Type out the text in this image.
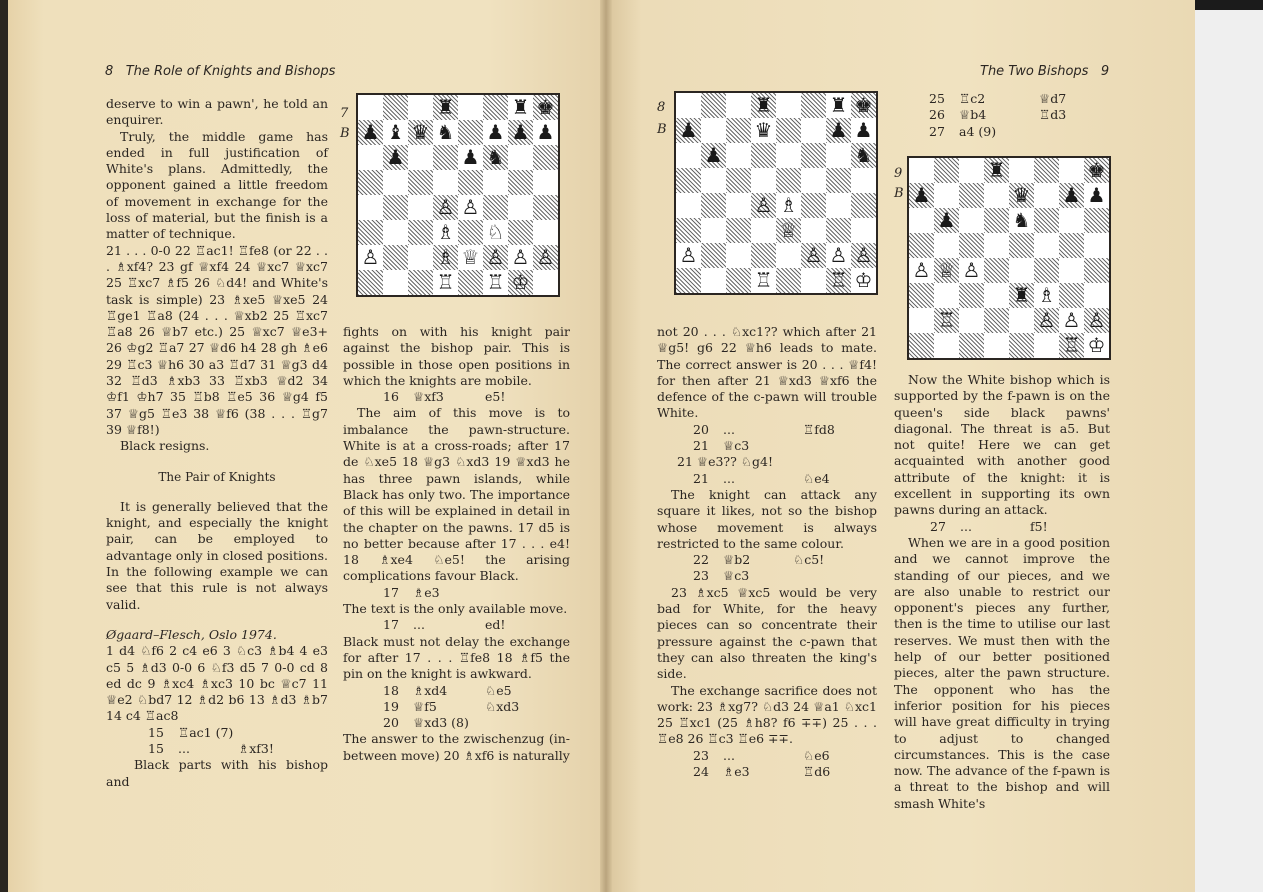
8 The Role of Knights and Bishops

deserve to win a pawn', he told an enquirer.

Truly, the middle game has ended in full justification of White's plans. Admittedly, the opponent gained a little freedom of movement in exchange for the loss of material, but the finish is a matter of technique.

21 . . . 0-0 22 ♖ac1! ♖fe8 (or 22 . . . ♗xf4? 23 gf ♕xf4 24 ♕xc7 ♕xc7 25 ♖xc7 ♗f5 26 ♘d4! and White's task is simple) 23 ♗xe5 ♕xe5 24 ♖ge1 ♖a8 (24 . . . ♕xb2 25 ♖xc7 ♖a8 26 ♕b7 etc.) 25 ♕xc7 ♕e3+ 26 ♔g2 ♖a7 27 ♕d6 h4 28 gh ♗e6 29 ♖c3 ♕h6 30 a3 ♖d7 31 ♕g3 d4 32 ♖d3 ♗xb3 33 ♖xb3 ♕d2 34 ♔f1 ♔h7 35 ♖b8 ♖e5 36 ♕g4 f5 37 ♕g5 ♖e3 38 ♕f6 (38 . . . ♖g7 39 ♕f8!)

Black resigns.

The Pair of Knights

It is generally believed that the knight, and especially the knight pair, can be employed to advantage only in closed positions. In the following example we can see that this rule is not always valid.

Øgaard–Flesch, Oslo 1974.

1 d4 ♘f6 2 c4 e6 3 ♘c3 ♗b4 4 e3 c5 5 ♗d3 0-0 6 ♘f3 d5 7 0-0 cd 8 ed dc 9 ♗xc4 ♗xc3 10 bc ♕c7 11 ♕e2 ♘bd7 12 ♗d2 b6 13 ♗d3 ♗b7 14 c4 ♖ac8

15	♖ac1 (7)

15	...	♗xf3!

Black parts with his bishop and

7
B
♜	♜ ♚
♟ ♝ ♛ ♞ ♟ ♟ ♟
♟	♟ ♞
♙ ♙
♗ ♘
♙	♗ ♕ ♙ ♙ ♙
♖ ♖ ♔

fights on with his knight pair against the bishop pair. This is possible in those open positions in which the knights are mobile.

16	♕xf3	e5!

The aim of this move is to imbalance the pawn-structure. White is at a cross-roads; after 17 de ♘xe5 18 ♕g3 ♘xd3 19 ♕xd3 he has three pawn islands, while Black has only two. The importance of this will be explained in detail in the chapter on the pawns. 17 d5 is no better because after 17 . . . e4! 18 ♗xe4 ♘e5! the arising complications favour Black.

17	♗e3

The text is the only available move.

17	...	ed!

Black must not delay the exchange for after 17 . . . ♖fe8 18 ♗f5 the pin on the knight is awkward.

18	♗xd4	♘e5

19	♕f5	♘xd3

20	♕xd3 (8)

The answer to the zwischenzug (in-between move) 20 ♗xf6 is naturally

The Two Bishops 9
8
B
♜	♜ ♚
♟	♛	♟ ♟
♟	♞
♙ ♗
♕
♙	♙ ♙ ♙
♖	♖ ♔

not 20 . . . ♘xc1?? which after 21 ♕g5! g6 22 ♕h6 leads to mate. The correct answer is 20 . . . ♕f4! for then after 21 ♕xd3 ♕xf6 the defence of the c-pawn will trouble White.

20	...	♖fd8

21	♕c3

21 ♕e3?? ♘g4!

21	...	♘e4

The knight can attack any square it likes, not so the bishop whose movement is always restricted to the same colour.

22	♕b2	♘c5!

23	♕c3

23 ♗xc5 ♕xc5 would be very bad for White, for the heavy pieces can so concentrate their pressure against the c-pawn that they can also threaten the king's side.

The exchange sacrifice does not work: 23 ♗xg7? ♘d3 24 ♕a1 ♘xc1 25 ♖xc1 (25 ♗h8? f6 ∓∓) 25 . . . ♖e8 26 ♖c3 ♖e6 ∓∓.

23	...	♘e6

24	♗e3	♖d6

25	♖c2	♕d7

26	♕b4	♖d3

27	a4 (9)

9
B
♜	♚
♟	♛ ♟ ♟
♟	♞
♙ ♕ ♙
♜ ♗
♖	♙ ♙ ♙
♖ ♔

Now the White bishop which is supported by the f-pawn is on the queen's side black pawns' diagonal. The threat is a5. But not quite! Here we can get acquainted with another good attribute of the knight: it is excellent in supporting its own pawns during an attack.

27	...	f5!

When we are in a good position and we cannot improve the standing of our pieces, and we are also unable to restrict our opponent's pieces any further, then is the time to utilise our last reserves. We must then with the help of our better positioned pieces, alter the pawn structure. The opponent who has the inferior position for his pieces will have great difficulty in trying to adjust to changed circumstances. This is the case now. The advance of the f-pawn is a threat to the bishop and will smash White's
